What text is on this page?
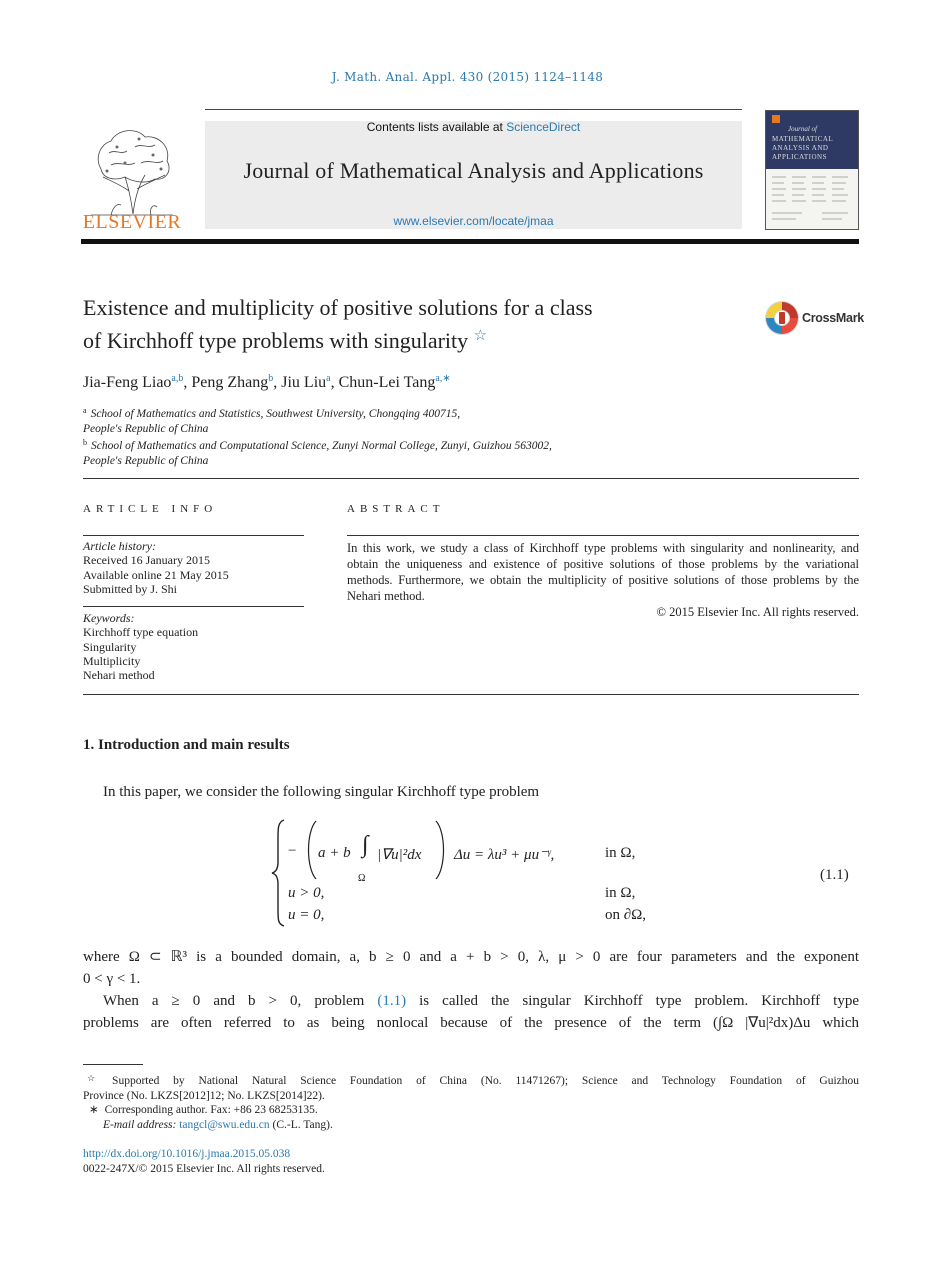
J. Math. Anal. Appl. 430 (2015) 1124–1148
ELSEVIER
Contents lists available at ScienceDirect
Journal of Mathematical Analysis and Applications
www.elsevier.com/locate/jmaa
Journal of
MATHEMATICAL
ANALYSIS AND
APPLICATIONS
Existence and multiplicity of positive solutions for a class
of Kirchhoff type problems with singularity ☆
CrossMark
Jia-Feng Liao$^{a,b}$, Peng Zhang$^b$, Jiu Liu$^a$, Chun-Lei Tang$^{a,∗}$
$^a$ School of Mathematics and Statistics, Southwest University, Chongqing 400715,
People's Republic of China
$^b$ School of Mathematics and Computational Science, Zunyi Normal College, Zunyi, Guizhou 563002,
People's Republic of China
ARTICLE INFO
Article history:
Received 16 January 2015
Available online 21 May 2015
Submitted by J. Shi
Keywords:
Kirchhoff type equation
Singularity
Multiplicity
Nehari method
ABSTRACT
In this work, we study a class of Kirchhoff type problems with singularity and nonlinearity, and obtain the uniqueness and existence of positive solutions of those problems by the variational methods. Furthermore, we obtain the multiplicity of positive solutions of those problems by the Nehari method.
© 2015 Elsevier Inc. All rights reserved.
1. Introduction and main results
In this paper, we consider the following singular Kirchhoff type problem
− a + b ∫
Ω
|∇u|²dx Δu = λu³ + μu⁻ᵞ,	in Ω,
u > 0,	in Ω,
u = 0,	on ∂Ω,
(1.1)
where Ω ⊂ ℝ³ is a bounded domain, a, b ≥ 0 and a + b > 0, λ, μ > 0 are four parameters and the exponent
0 < γ < 1.
When a ≥ 0 and b > 0, problem (1.1) is called the singular Kirchhoff type problem. Kirchhoff type
problems are often referred to as being nonlocal because of the presence of the term (∫Ω |∇u|²dx)Δu which
☆ Supported by National Natural Science Foundation of China (No. 11471267); Science and Technology Foundation of Guizhou
Province (No. LKZS[2012]12; No. LKZS[2014]22).
∗ Corresponding author. Fax: +86 23 68253135.
E-mail address: tangcl@swu.edu.cn (C.-L. Tang).
http://dx.doi.org/10.1016/j.jmaa.2015.05.038
0022-247X/© 2015 Elsevier Inc. All rights reserved.
